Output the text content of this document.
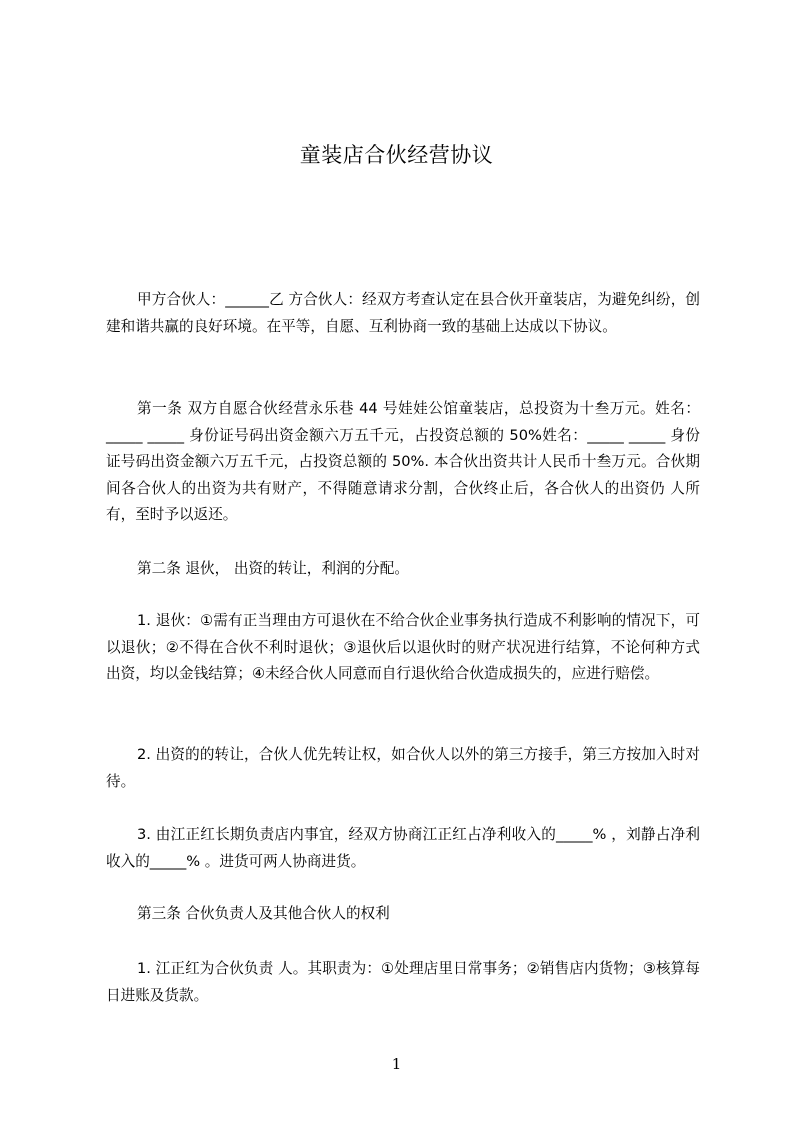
童装店合伙经营协议

甲方合伙人：______乙 方合伙人：经双方考查认定在县合伙开童装店，为避免纠纷，创建和谐共赢的良好环境。在平等，自愿、互利协商一致的基础上达成以下协议。

第一条 双方自愿合伙经营永乐巷 44 号娃娃公馆童装店，总投资为十叁万元。姓名：_____ _____ 身份证号码出资金额六万五千元，占投资总额的 50%姓名：_____ _____ 身份证号码出资金额六万五千元，占投资总额的 50%. 本合伙出资共计人民币十叁万元。合伙期间各合伙人的出资为共有财产，不得随意请求分割，合伙终止后，各合伙人的出资仍 人所有，至时予以返还。

第二条 退伙， 出资的转让，利润的分配。

1. 退伙：①需有正当理由方可退伙在不给合伙企业事务执行造成不利影响的情况下，可以退伙；②不得在合伙不利时退伙；③退伙后以退伙时的财产状况进行结算，不论何种方式出资，均以金钱结算；④未经合伙人同意而自行退伙给合伙造成损失的，应进行赔偿。

2. 出资的的转让，合伙人优先转让权，如合伙人以外的第三方接手，第三方按加入时对待。

3. 由江正红长期负责店内事宜，经双方协商江正红占净利收入的_____% ，刘静占净利收入的_____% 。进货可两人协商进货。

第三条 合伙负责人及其他合伙人的权利

1. 江正红为合伙负责 人。其职责为：①处理店里日常事务；②销售店内货物；③核算每日进账及货款。

1
